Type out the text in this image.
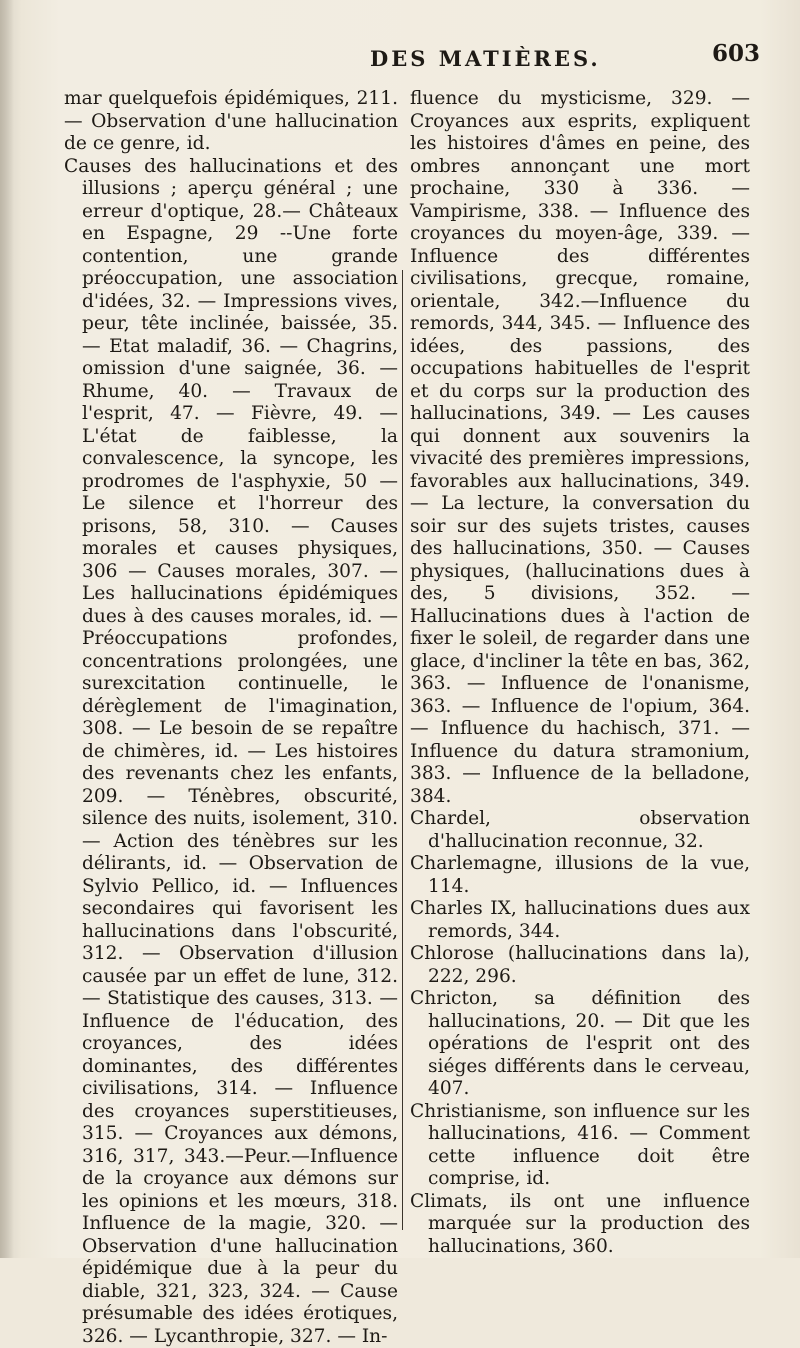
DES MATIÈRES.	603

mar quelquefois épidémiques, 211. — Observation d'une hallucination de ce genre, id.

Causes des hallucinations et des illusions ; aperçu général ; une erreur d'optique, 28.— Châteaux en Espagne, 29 --Une forte contention, une grande préoccupation, une association d'idées, 32. — Impressions vives, peur, tête inclinée, baissée, 35. — Etat maladif, 36. — Chagrins, omission d'une saignée, 36. — Rhume, 40. — Travaux de l'esprit, 47. — Fièvre, 49. — L'état de faiblesse, la convalescence, la syncope, les prodromes de l'asphyxie, 50 — Le silence et l'horreur des prisons, 58, 310. — Causes morales et causes physiques, 306 — Causes morales, 307. — Les hallucinations épidémiques dues à des causes morales, id. — Préoccupations profondes, concentrations prolongées, une surexcitation continuelle, le dérèglement de l'imagination, 308. — Le besoin de se repaître de chimères, id. — Les histoires des revenants chez les enfants, 209. — Ténèbres, obscurité, silence des nuits, isolement, 310. — Action des ténèbres sur les délirants, id. — Observation de Sylvio Pellico, id. — Influences secondaires qui favorisent les hallucinations dans l'obscurité, 312. — Observation d'illusion causée par un effet de lune, 312.— Statistique des causes, 313. — Influence de l'éducation, des croyances, des idées dominantes, des différentes civilisations, 314. — Influence des croyances superstitieuses, 315. — Croyances aux démons, 316, 317, 343.—Peur.—Influence de la croyance aux démons sur les opinions et les mœurs, 318. Influence de la magie, 320. — Observation d'une hallucination épidémique due à la peur du diable, 321, 323, 324. — Cause présumable des idées érotiques, 326. — Lycanthropie, 327. — In-

fluence du mysticisme, 329. — Croyances aux esprits, expliquent les histoires d'âmes en peine, des ombres annonçant une mort prochaine, 330 à 336. — Vampirisme, 338. — Influence des croyances du moyen-âge, 339. — Influence des différentes civilisations, grecque, romaine, orientale, 342.—Influence du remords, 344, 345. — Influence des idées, des passions, des occupations habituelles de l'esprit et du corps sur la production des hallucinations, 349. — Les causes qui donnent aux souvenirs la vivacité des premières impressions, favorables aux hallucinations, 349. — La lecture, la conversation du soir sur des sujets tristes, causes des hallucinations, 350. — Causes physiques, (hallucinations dues à des, 5 divisions, 352. — Hallucinations dues à l'action de fixer le soleil, de regarder dans une glace, d'incliner la tête en bas, 362, 363. — Influence de l'onanisme, 363. — Influence de l'opium, 364. — Influence du hachisch, 371. — Influence du datura stramonium, 383. — Influence de la belladone, 384.

Chardel, observation d'hallucination reconnue, 32.

Charlemagne, illusions de la vue, 114.

Charles IX, hallucinations dues aux remords, 344.

Chlorose (hallucinations dans la), 222, 296.

Chricton, sa définition des hallucinations, 20. — Dit que les opérations de l'esprit ont des siéges différents dans le cerveau, 407.

Christianisme, son influence sur les hallucinations, 416. — Comment cette influence doit être comprise, id.

Climats, ils ont une influence marquée sur la production des hallucinations, 360.
